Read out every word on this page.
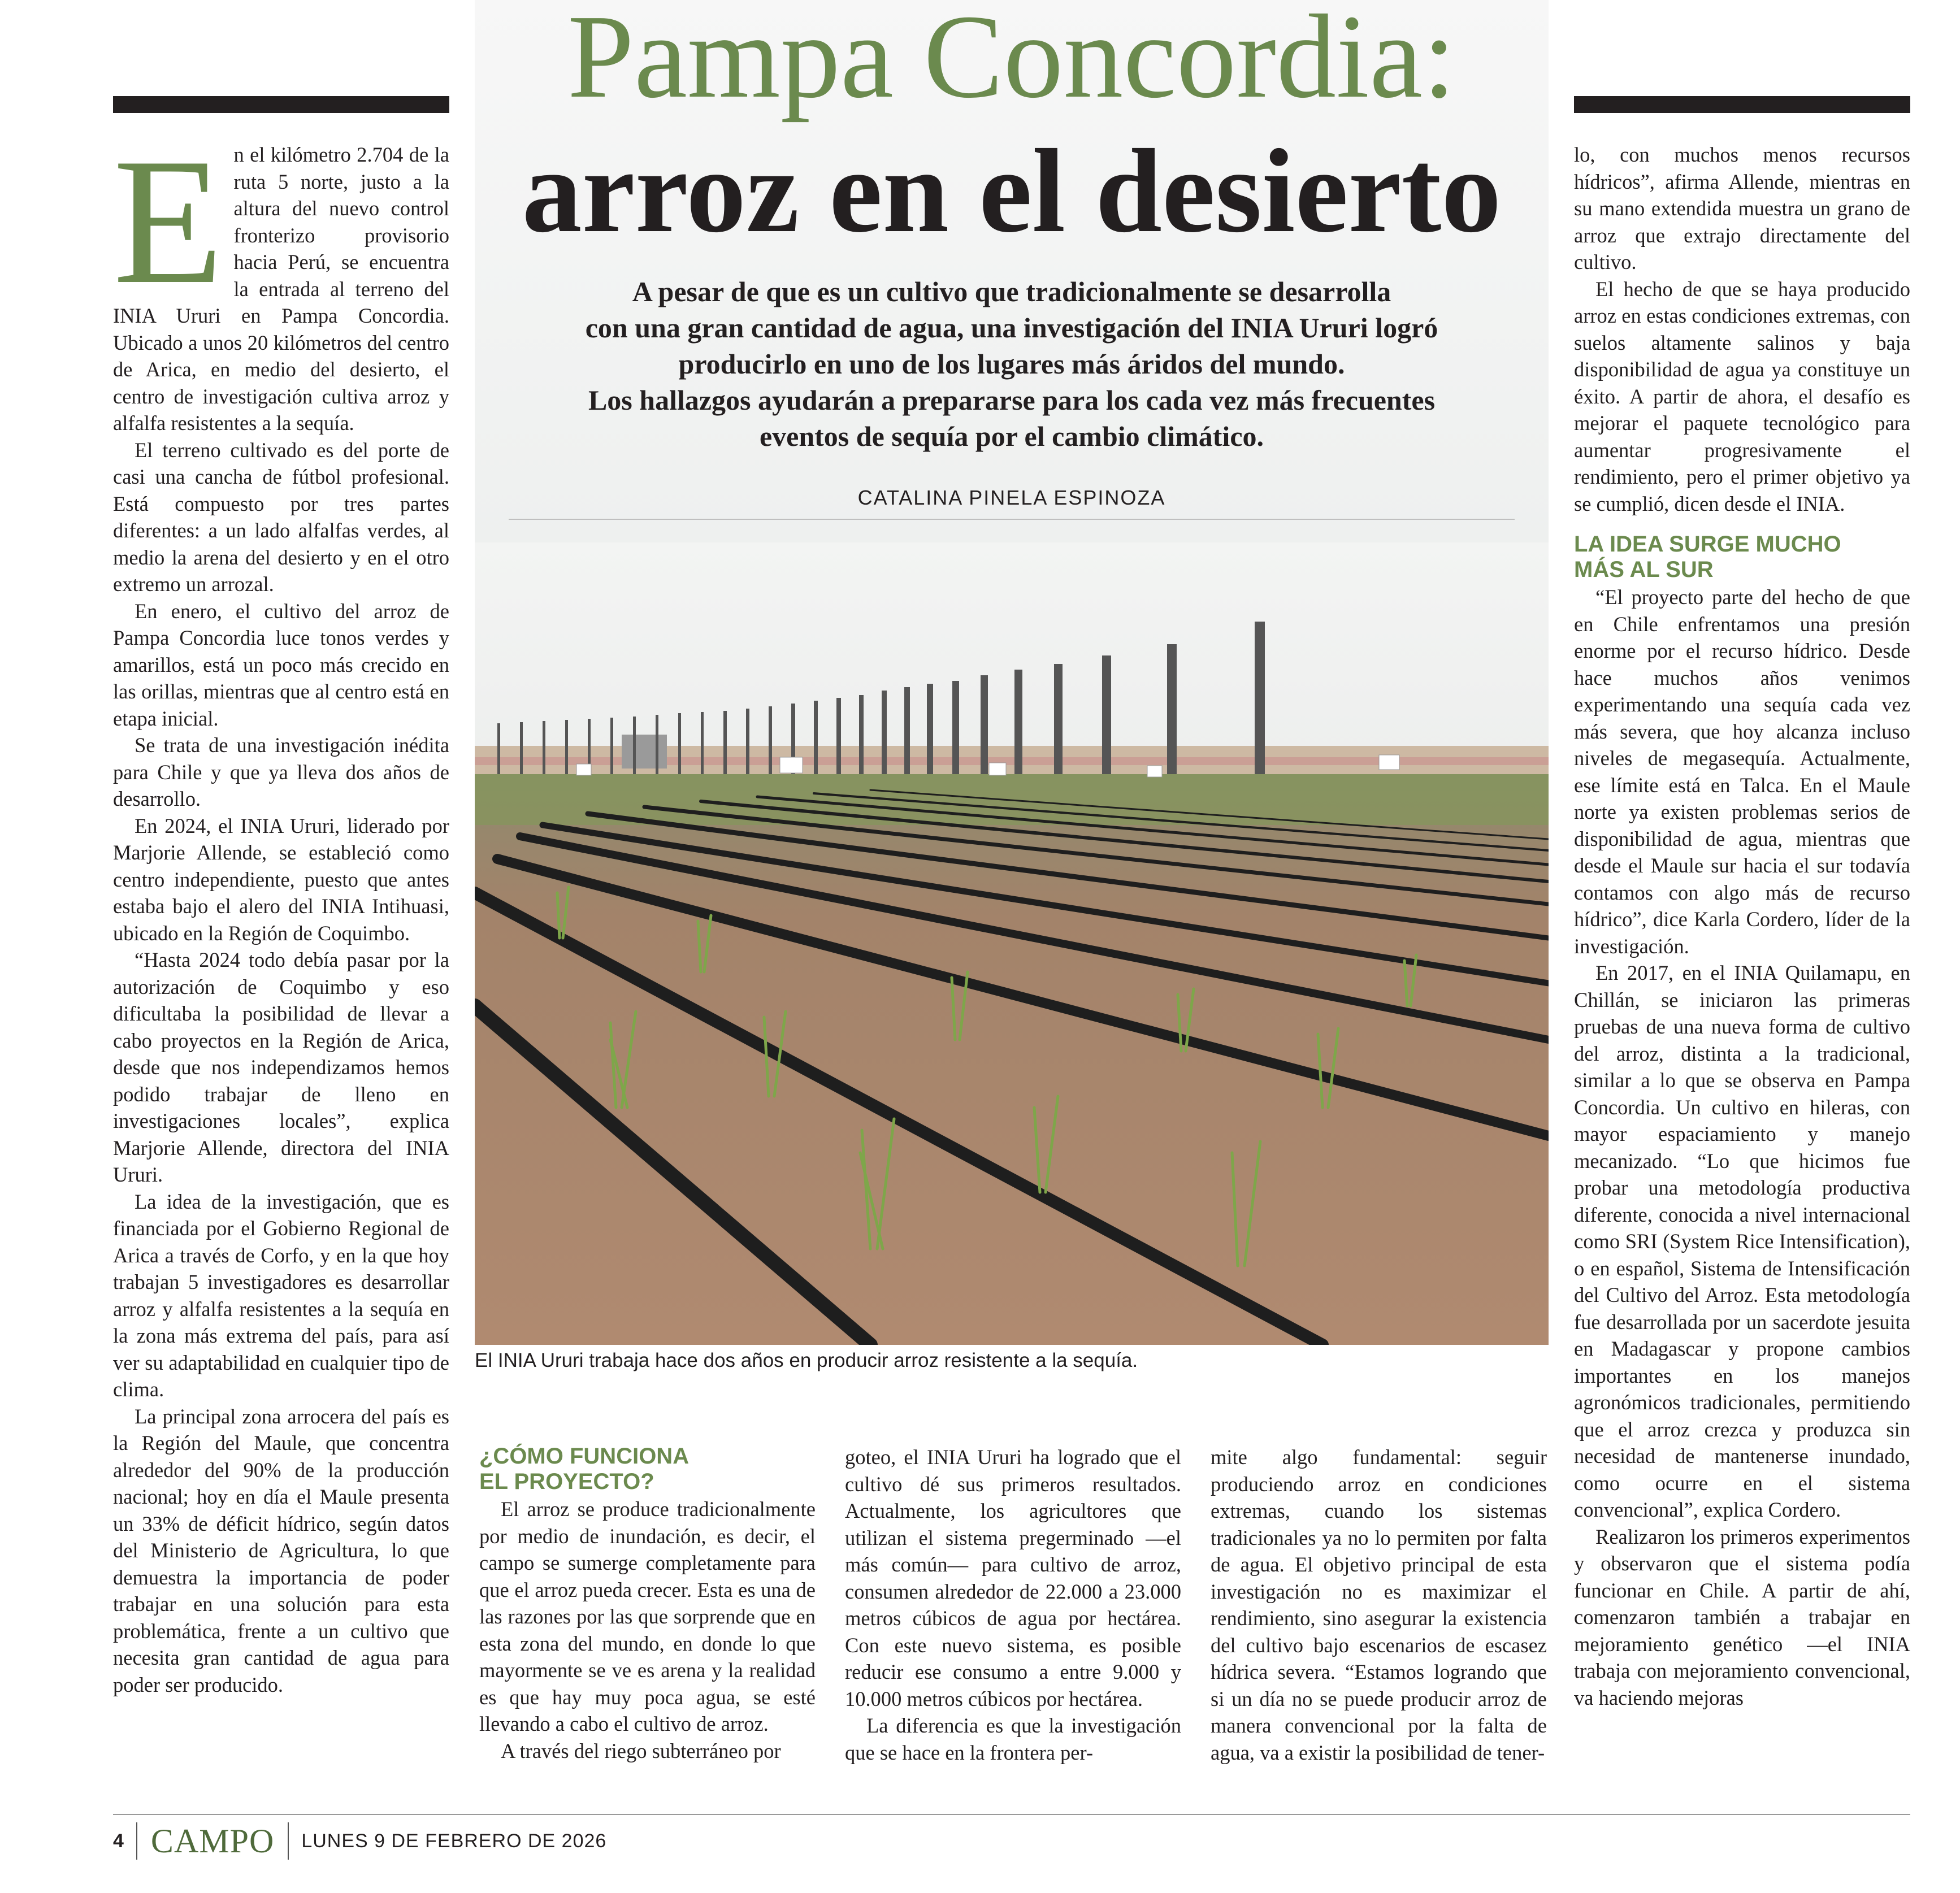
Pampa Concordia:
arroz en el desierto
A pesar de que es un cultivo que tradicionalmente se desarrolla
con una gran cantidad de agua, una investigación del INIA Ururi logró
producirlo en uno de los lugares más áridos del mundo.
Los hallazgos ayudarán a prepararse para los cada vez más frecuentes
eventos de sequía por el cambio climático.
CATALINA PINELA ESPINOZA
El INIA Ururi trabaja hace dos años en producir arroz resistente a la sequía.
E n el kilómetro 2.704 de la ruta 5 norte, justo a la altura del nuevo control fronterizo provisorio hacia Perú, se encuentra la entrada al terreno del INIA Ururi en Pampa Concordia. Ubicado a unos 20 kilómetros del centro de Arica, en medio del desierto, el centro de investigación cultiva arroz y alfalfa resistentes a la sequía.

El terreno cultivado es del porte de casi una cancha de fútbol profesional. Está compuesto por tres partes diferentes: a un lado alfalfas verdes, al medio la arena del desierto y en el otro extremo un arrozal.

En enero, el cultivo del arroz de Pampa Concordia luce tonos verdes y amarillos, está un poco más crecido en las orillas, mientras que al centro está en etapa inicial.

Se trata de una investigación inédita para Chile y que ya lleva dos años de desarrollo.

En 2024, el INIA Ururi, liderado por Marjorie Allende, se estableció como centro independiente, puesto que antes estaba bajo el alero del INIA Intihuasi, ubicado en la Región de Coquimbo.

“Hasta 2024 todo debía pasar por la autorización de Coquimbo y eso dificultaba la posibilidad de llevar a cabo proyectos en la Región de Arica, desde que nos independizamos hemos podido trabajar de lleno en investigaciones locales”, explica Marjorie Allende, directora del INIA Ururi.

La idea de la investigación, que es financiada por el Gobierno Regional de Arica a través de Corfo, y en la que hoy trabajan 5 investigadores es desarrollar arroz y alfalfa resistentes a la sequía en la zona más extrema del país, para así ver su adaptabilidad en cualquier tipo de clima.

La principal zona arrocera del país es la Región del Maule, que concentra alrededor del 90% de la producción nacional; hoy en día el Maule presenta un 33% de déficit hídrico, según datos del Ministerio de Agricultura, lo que demuestra la importancia de poder trabajar en una solución para esta problemática, frente a un cultivo que necesita gran cantidad de agua para poder ser producido.

¿CÓMO FUNCIONA
EL PROYECTO?

El arroz se produce tradicionalmente por medio de inundación, es decir, el campo se sumerge completamente para que el arroz pueda crecer. Esta es una de las razones por las que sorprende que en esta zona del mundo, en donde lo que mayormente se ve es arena y la realidad es que hay muy poca agua, se esté llevando a cabo el cultivo de arroz.

A través del riego subterráneo por

goteo, el INIA Ururi ha logrado que el cultivo dé sus primeros resultados. Actualmente, los agricultores que utilizan el sistema pregerminado —el más común— para cultivo de arroz, consumen alrededor de 22.000 a 23.000 metros cúbicos de agua por hectárea. Con este nuevo sistema, es posible reducir ese consumo a entre 9.000 y 10.000 metros cúbicos por hectárea.

La diferencia es que la investigación que se hace en la frontera per-

mite algo fundamental: seguir produciendo arroz en condiciones extremas, cuando los sistemas tradicionales ya no lo permiten por falta de agua. El objetivo principal de esta investigación no es maximizar el rendimiento, sino asegurar la existencia del cultivo bajo escenarios de escasez hídrica severa. “Estamos logrando que si un día no se puede producir arroz de manera convencional por la falta de agua, va a existir la posibilidad de tener-

lo, con muchos menos recursos hídricos”, afirma Allende, mientras en su mano extendida muestra un grano de arroz que extrajo directamente del cultivo.

El hecho de que se haya producido arroz en estas condiciones extremas, con suelos altamente salinos y baja disponibilidad de agua ya constituye un éxito. A partir de ahora, el desafío es mejorar el paquete tecnológico para aumentar progresivamente el rendimiento, pero el primer objetivo ya se cumplió, dicen desde el INIA.

LA IDEA SURGE MUCHO
MÁS AL SUR

“El proyecto parte del hecho de que en Chile enfrentamos una presión enorme por el recurso hídrico. Desde hace muchos años venimos experimentando una sequía cada vez más severa, que hoy alcanza incluso niveles de megasequía. Actualmente, ese límite está en Talca. En el Maule norte ya existen problemas serios de disponibilidad de agua, mientras que desde el Maule sur hacia el sur todavía contamos con algo más de recurso hídrico”, dice Karla Cordero, líder de la investigación.

En 2017, en el INIA Quilamapu, en Chillán, se iniciaron las primeras pruebas de una nueva forma de cultivo del arroz, distinta a la tradicional, similar a lo que se observa en Pampa Concordia. Un cultivo en hileras, con mayor espaciamiento y manejo mecanizado. “Lo que hicimos fue probar una metodología productiva diferente, conocida a nivel internacional como SRI (System Rice Intensification), o en español, Sistema de Intensificación del Cultivo del Arroz. Esta metodología fue desarrollada por un sacerdote jesuita en Madagascar y propone cambios importantes en los manejos agronómicos tradicionales, permitiendo que el arroz crezca y produzca sin necesidad de mantenerse inundado, como ocurre en el sistema convencional”, explica Cordero.

Realizaron los primeros experimentos y observaron que el sistema podía funcionar en Chile. A partir de ahí, comenzaron también a trabajar en mejoramiento genético —el INIA trabaja con mejoramiento convencional, va haciendo mejoras

4 CAMPO LUNES 9 DE FEBRERO DE 2026
